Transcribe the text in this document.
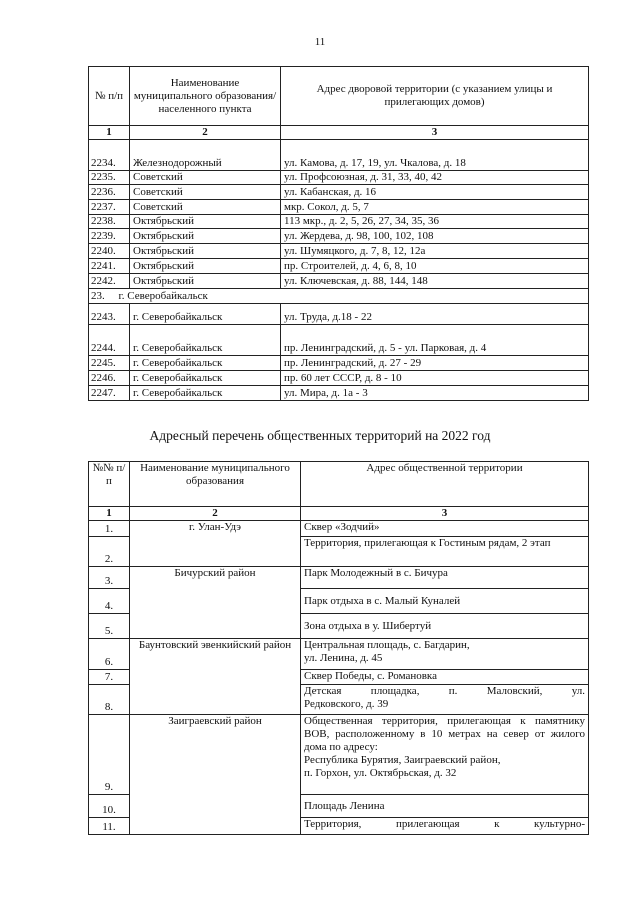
11
№ п/п	Наименование муниципального образования/населенного пункта	Адрес дворовой территории (с указанием улицы и прилегающих домов)
1	2	3
2234.	Железнодорожный	ул. Камова, д. 17, 19, ул. Чкалова, д. 18
2235.	Советский	ул. Профсоюзная, д. 31, 33, 40, 42
2236.	Советский	ул. Кабанская, д. 16
2237.	Советский	мкр. Сокол, д. 5, 7
2238.	Октябрьский	113 мкр., д. 2, 5, 26, 27, 34, 35, 36
2239.	Октябрьский	ул. Жердева, д. 98, 100, 102, 108
2240.	Октябрьский	ул. Шумяцкого, д. 7, 8, 12, 12а
2241.	Октябрьский	пр. Строителей, д. 4, 6, 8, 10
2242.	Октябрьский	ул. Ключевская, д. 88, 144, 148
23. г. Северобайкальск		
2243.	г. Северобайкальск	ул. Труда, д.18 - 22
2244.	г. Северобайкальск	пр. Ленинградский, д. 5 - ул. Парковая, д. 4
2245.	г. Северобайкальск	пр. Ленинградский, д. 27 - 29
2246.	г. Северобайкальск	пр. 60 лет СССР, д. 8 - 10
2247.	г. Северобайкальск	ул. Мира, д. 1а - 3
Адресный перечень общественных территорий на 2022 год
№№ п/п	Наименование муниципального образования	Адрес общественной территории
1	2	3
1.	г. Улан-Удэ	Сквер «Зодчий»
2.		Территория, прилегающая к Гостиным рядам, 2 этап
3.	Бичурский район	Парк Молодежный в с. Бичура
4.		Парк отдыха в с. Малый Куналей
5.		Зона отдыха в у. Шибертуй
6.	Баунтовский эвенкийский район	Центральная площадь, с. Багдарин,
ул. Ленина, д. 45

7.		Сквер Победы, с. Романовка
8.		Детская площадка, п. Маловский, ул.
Редковского, д. 39

9.	Заиграевский район	Общественная территория, прилегающая к памятнику ВОВ, расположенному в 10 метрах на север от жилого дома по адресу:
Республика Бурятия, Заиграевский район,
п. Горхон, ул. Октябрьская, д. 32

10.		Площадь Ленина
11.		Территория, прилегающая к культурно-
